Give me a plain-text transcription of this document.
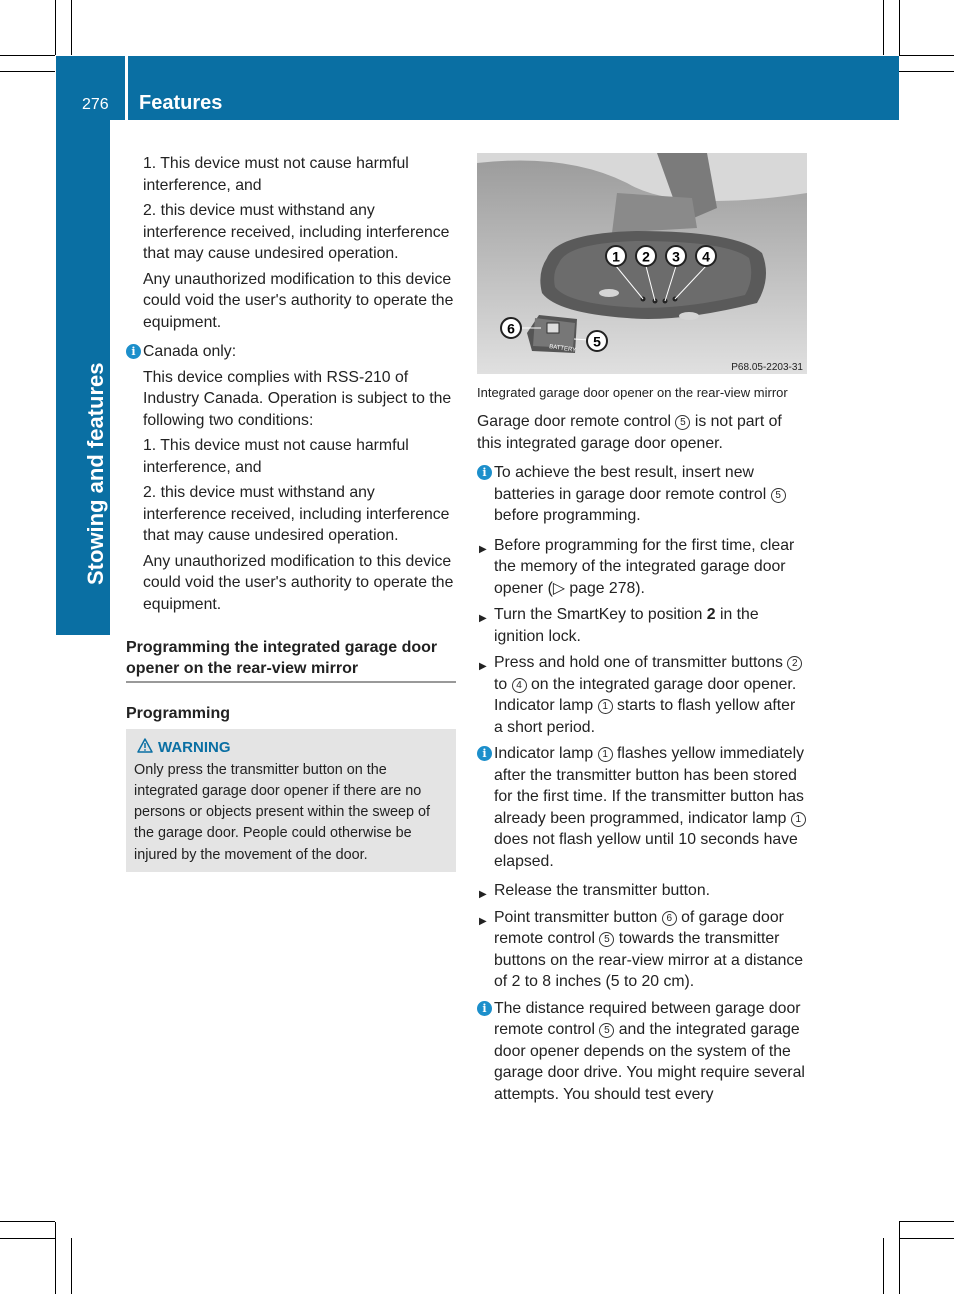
276 Features
Stowing and features

1. This device must not cause harmful interference, and

2. this device must withstand any interference received, including interference that may cause undesired operation.

Any unauthorized modification to this device could void the user's authority to operate the equipment.

i Canada only:

This device complies with RSS-210 of Industry Canada. Operation is subject to the following two conditions:

1. This device must not cause harmful interference, and

2. this device must withstand any interference received, including interference that may cause undesired operation.

Any unauthorized modification to this device could void the user's authority to operate the equipment.

Programming the integrated garage door opener on the rear-view mirror
Programming
WARNING
Only press the transmitter button on the integrated garage door opener if there are no persons or objects present within the sweep of the garage door. People could otherwise be injured by the movement of the door.
1 2 3 4
BATTERY
6
5
P68.05-2203-31
Integrated garage door opener on the rear-view mirror

Garage door remote control 5 is not part of this integrated garage door opener.

i To achieve the best result, insert new batteries in garage door remote control 5 before programming.
▶ Before programming for the first time, clear the memory of the integrated garage door opener (▷ page 278).
▶ Turn the SmartKey to position 2 in the ignition lock.
▶ Press and hold one of transmitter buttons 2 to 4 on the integrated garage door opener.
Indicator lamp 1 starts to flash yellow after a short period.
i Indicator lamp 1 flashes yellow immediately after the transmitter button has been stored for the first time. If the transmitter button has already been programmed, indicator lamp 1 does not flash yellow until 10 seconds have elapsed.
▶ Release the transmitter button.
▶ Point transmitter button 6 of garage door remote control 5 towards the transmitter buttons on the rear-view mirror at a distance of 2 to 8 inches (5 to 20 cm).
i The distance required between garage door remote control 5 and the integrated garage door opener depends on the system of the garage door drive. You might require several attempts. You should test every
